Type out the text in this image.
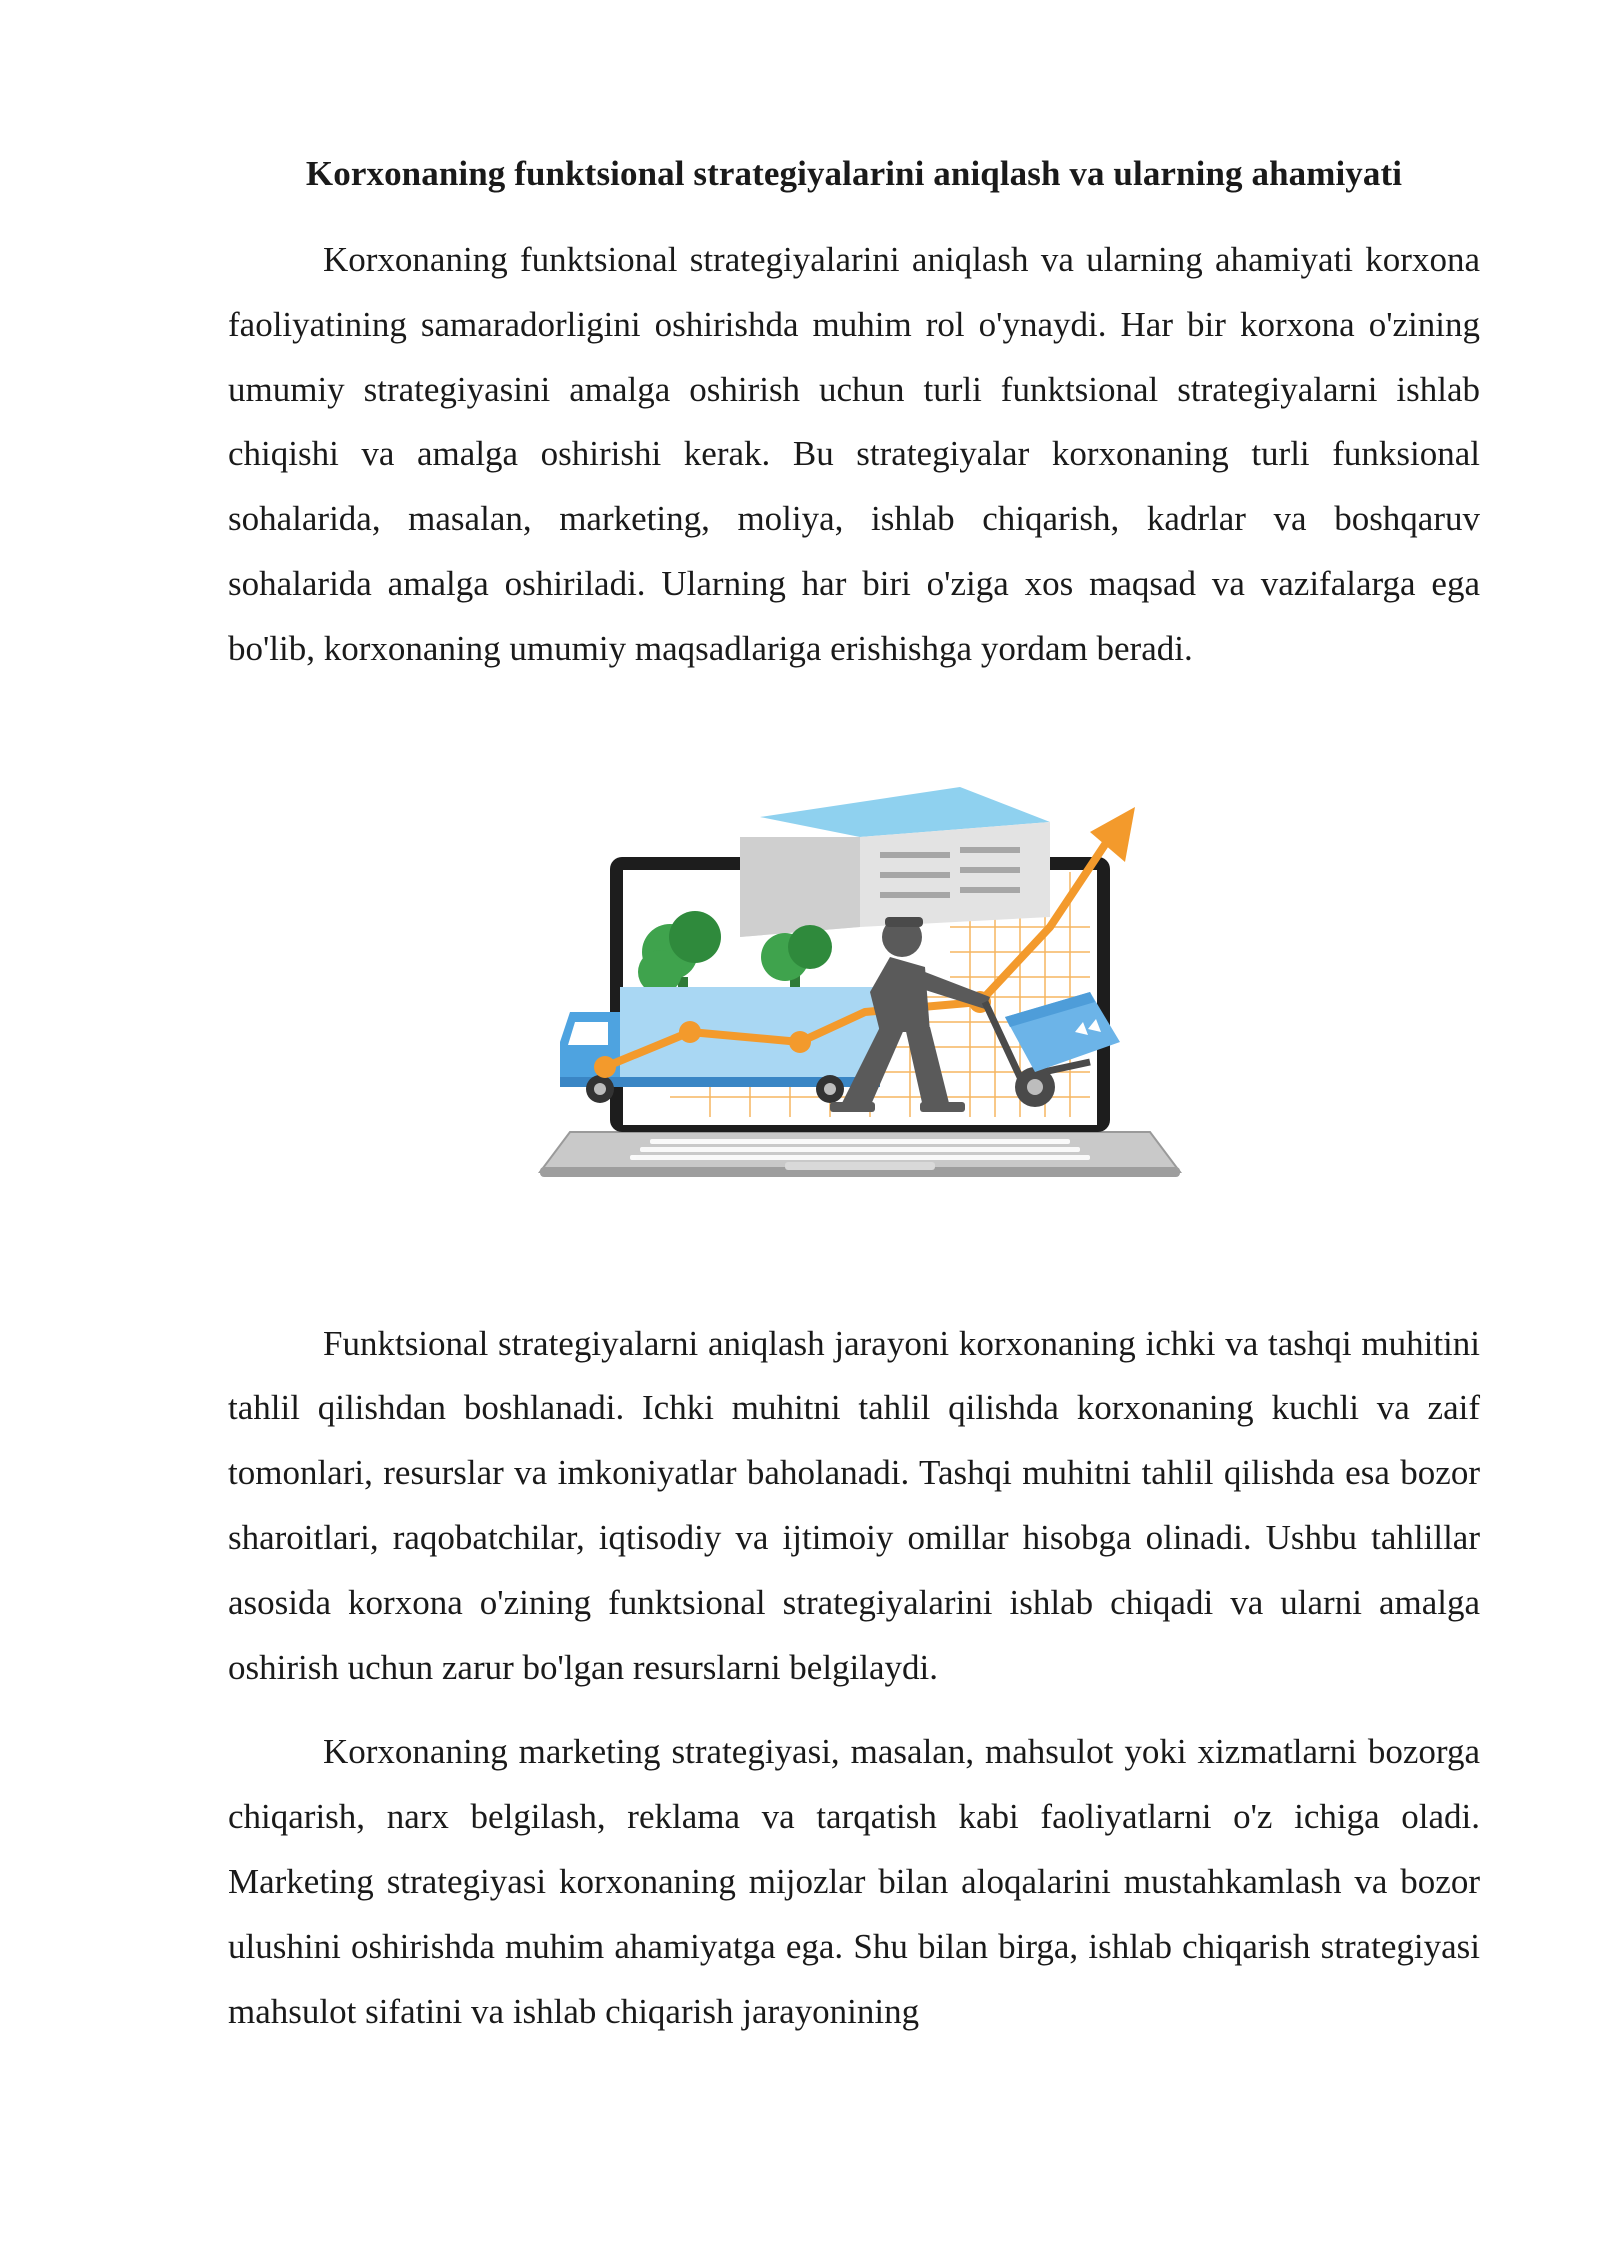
Korxonaning funktsional strategiyalarini aniqlash va ularning ahamiyati

Korxonaning funktsional strategiyalarini aniqlash va ularning ahamiyati korxona faoliyatining samaradorligini oshirishda muhim rol o'ynaydi. Har bir korxona o'zining umumiy strategiyasini amalga oshirish uchun turli funktsional strategiyalarni ishlab chiqishi va amalga oshirishi kerak. Bu strategiyalar korxonaning turli funksional sohalarida, masalan, marketing, moliya, ishlab chiqarish, kadrlar va boshqaruv sohalarida amalga oshiriladi. Ularning har biri o'ziga xos maqsad va vazifalarga ega bo'lib, korxonaning umumiy maqsadlariga erishishga yordam beradi.

Funktsional strategiyalarni aniqlash jarayoni korxonaning ichki va tashqi muhitini tahlil qilishdan boshlanadi. Ichki muhitni tahlil qilishda korxonaning kuchli va zaif tomonlari, resurslar va imkoniyatlar baholanadi. Tashqi muhitni tahlil qilishda esa bozor sharoitlari, raqobatchilar, iqtisodiy va ijtimoiy omillar hisobga olinadi. Ushbu tahlillar asosida korxona o'zining funktsional strategiyalarini ishlab chiqadi va ularni amalga oshirish uchun zarur bo'lgan resurslarni belgilaydi.

Korxonaning marketing strategiyasi, masalan, mahsulot yoki xizmatlarni bozorga chiqarish, narx belgilash, reklama va tarqatish kabi faoliyatlarni o'z ichiga oladi. Marketing strategiyasi korxonaning mijozlar bilan aloqalarini mustahkamlash va bozor ulushini oshirishda muhim ahamiyatga ega. Shu bilan birga, ishlab chiqarish strategiyasi mahsulot sifatini va ishlab chiqarish jarayonining
